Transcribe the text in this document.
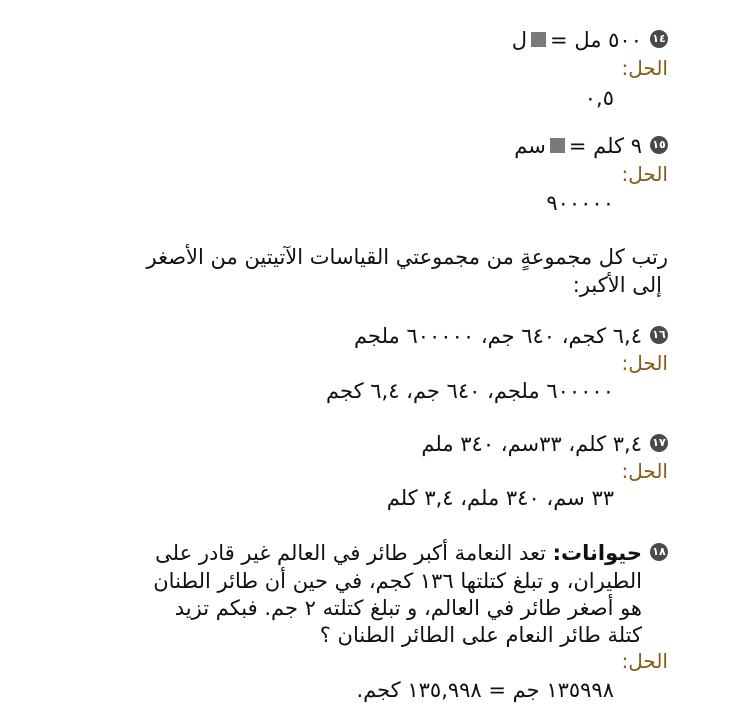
١٤٥٠٠ مل =ل
الحل:
٠,٥
١٥٩ كلم =سم
الحل:
٩٠٠٠٠٠
رتب كل مجموعةٍ من مجموعتي القياسات الآتيتين من الأصغر
إلى الأكبر:
١٦٦,٤ كجم، ٦٤٠ جم، ٦٠٠٠٠٠ ملجم
الحل:
٦٠٠٠٠٠ ملجم، ٦٤٠ جم، ٦,٤ كجم
١٧٣,٤ كلم، ٣٣سم، ٣٤٠ ملم
الحل:
٣٣ سم، ٣٤٠ ملم، ٣,٤ كلم
١٨حيوانات: تعد النعامة أكبر طائر في العالم غير قادر على
الطيران، و تبلغ كتلتها ١٣٦ كجم، في حين أن طائر الطنان
هو أصغر طائر في العالم، و تبلغ كتلته ٢ جم. فبكم تزيد
كتلة طائر النعام على الطائر الطنان ؟
الحل:
١٣٥٩٩٨ جم = ١٣٥,٩٩٨ كجم.
